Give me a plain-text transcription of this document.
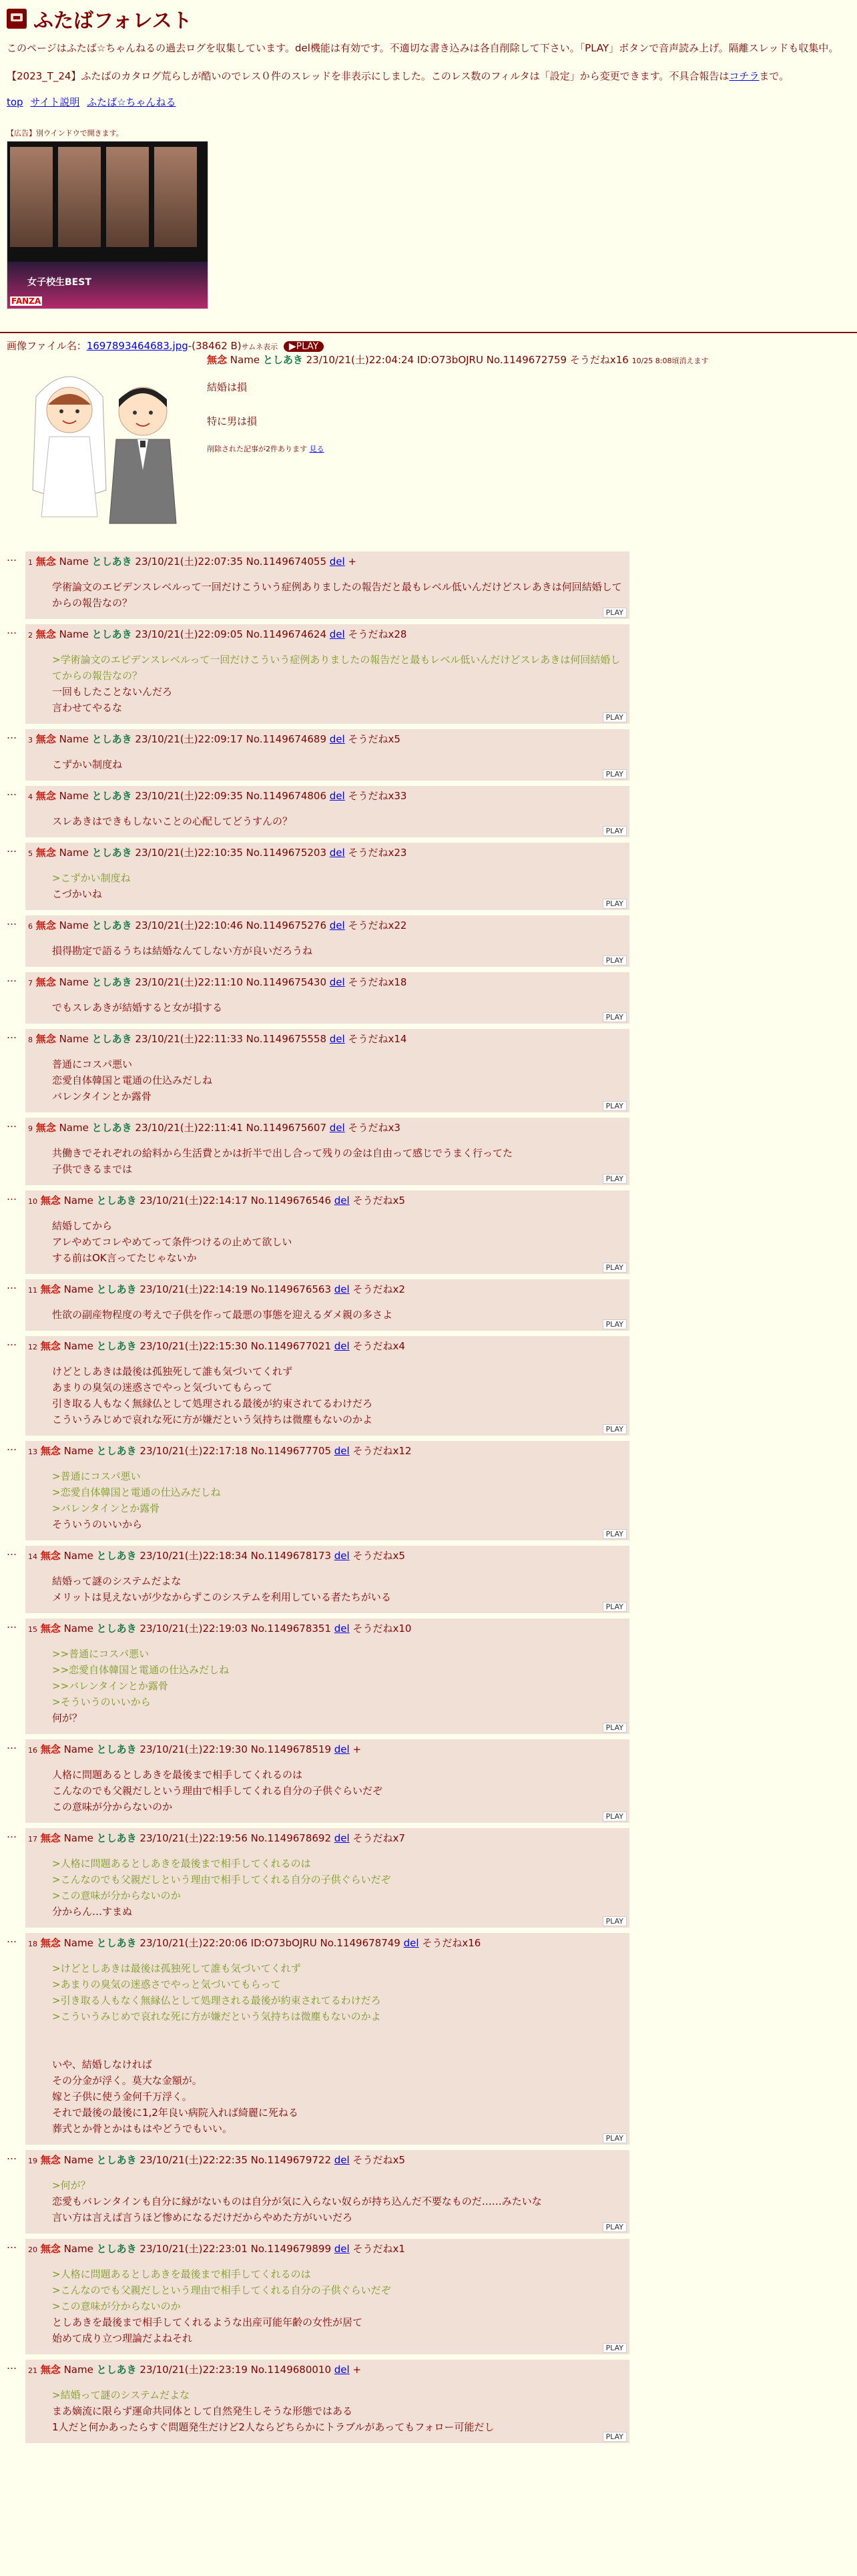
ふたばフォレスト

このページはふたば☆ちゃんねるの過去ログを収集しています。del機能は有効です。不適切な書き込みは各自削除して下さい。「PLAY」ボタンで音声読み上げ。隔離スレッドも収集中。

【2023_T_24】ふたばのカタログ荒らしが酷いのでレス０件のスレッドを非表示にしました。このレス数のフィルタは「設定」から変更できます。不具合報告はコチラまで。

top サイト説明 ふたば☆ちゃんねる
【広告】別ウインドウで開きます。
女子校生BEST
FANZA
画像ファイル名：1697893464683.jpg-(38462 B)サムネ表示 ▶PLAY
無念 Name としあき 23/10/21(土)22:04:24 ID:O73bOJRU No.1149672759 そうだねx16 10/25 8:08頃消えます
結婚は損
特に男は損
削除された記事が2件あります 見る
…	1 無念 Name としあき 23/10/21(土)22:07:35 No.1149674055 del +
学術論文のエビデンスレベルって一回だけこういう症例ありましたの報告だと最もレベル低いんだけどスレあきは何回結婚してからの報告なの？
PLAY
…	2 無念 Name としあき 23/10/21(土)22:09:05 No.1149674624 del そうだねx28
>学術論文のエビデンスレベルって一回だけこういう症例ありましたの報告だと最もレベル低いんだけどスレあきは何回結婚してからの報告なの？
一回もしたことないんだろ
言わせてやるな
PLAY
…	3 無念 Name としあき 23/10/21(土)22:09:17 No.1149674689 del そうだねx5
こずかい制度ね
PLAY
…	4 無念 Name としあき 23/10/21(土)22:09:35 No.1149674806 del そうだねx33
スレあきはできもしないことの心配してどうすんの？
PLAY
…	5 無念 Name としあき 23/10/21(土)22:10:35 No.1149675203 del そうだねx23
>こずかい制度ね
こづかいね
PLAY
…	6 無念 Name としあき 23/10/21(土)22:10:46 No.1149675276 del そうだねx22
損得勘定で語るうちは結婚なんてしない方が良いだろうね
PLAY
…	7 無念 Name としあき 23/10/21(土)22:11:10 No.1149675430 del そうだねx18
でもスレあきが結婚すると女が損する
PLAY
…	8 無念 Name としあき 23/10/21(土)22:11:33 No.1149675558 del そうだねx14
普通にコスパ悪い
恋愛自体韓国と電通の仕込みだしね
バレンタインとか露骨
PLAY
…	9 無念 Name としあき 23/10/21(土)22:11:41 No.1149675607 del そうだねx3
共働きでそれぞれの給料から生活費とかは折半で出し合って残りの金は自由って感じでうまく行ってた
子供できるまでは
PLAY
…	10 無念 Name としあき 23/10/21(土)22:14:17 No.1149676546 del そうだねx5
結婚してから
アレやめてコレやめてって条件つけるの止めて欲しい
する前はOK言ってたじゃないか
PLAY
…	11 無念 Name としあき 23/10/21(土)22:14:19 No.1149676563 del そうだねx2
性欲の副産物程度の考えで子供を作って最悪の事態を迎えるダメ親の多さよ
PLAY
…	12 無念 Name としあき 23/10/21(土)22:15:30 No.1149677021 del そうだねx4
けどとしあきは最後は孤独死して誰も気づいてくれず
あまりの臭気の迷惑さでやっと気づいてもらって
引き取る人もなく無縁仏として処理される最後が約束されてるわけだろ
こういうみじめで哀れな死に方が嫌だという気持ちは微塵もないのかよ
PLAY
…	13 無念 Name としあき 23/10/21(土)22:17:18 No.1149677705 del そうだねx12
>普通にコスパ悪い
>恋愛自体韓国と電通の仕込みだしね
>バレンタインとか露骨
そういうのいいから
PLAY
…	14 無念 Name としあき 23/10/21(土)22:18:34 No.1149678173 del そうだねx5
結婚って謎のシステムだよな
メリットは見えないが少なからずこのシステムを利用している者たちがいる
PLAY
…	15 無念 Name としあき 23/10/21(土)22:19:03 No.1149678351 del そうだねx10
>>普通にコスパ悪い
>>恋愛自体韓国と電通の仕込みだしね
>>バレンタインとか露骨
>そういうのいいから
何が？
PLAY
…	16 無念 Name としあき 23/10/21(土)22:19:30 No.1149678519 del +
人格に問題あるとしあきを最後まで相手してくれるのは
こんなのでも父親だしという理由で相手してくれる自分の子供ぐらいだぞ
この意味が分からないのか
PLAY
…	17 無念 Name としあき 23/10/21(土)22:19:56 No.1149678692 del そうだねx7
>人格に問題あるとしあきを最後まで相手してくれるのは
>こんなのでも父親だしという理由で相手してくれる自分の子供ぐらいだぞ
>この意味が分からないのか
分からん…すまぬ
PLAY
…	18 無念 Name としあき 23/10/21(土)22:20:06 ID:O73bOJRU No.1149678749 del そうだねx16
>けどとしあきは最後は孤独死して誰も気づいてくれず
>あまりの臭気の迷惑さでやっと気づいてもらって
>引き取る人もなく無縁仏として処理される最後が約束されてるわけだろ
>こういうみじめで哀れな死に方が嫌だという気持ちは微塵もないのかよ
いや、結婚しなければ
その分金が浮く。莫大な金額が。
嫁と子供に使う金何千万浮く。
それで最後の最後に1,2年良い病院入れば綺麗に死ねる
葬式とか骨とかはもはやどうでもいい。
PLAY
…	19 無念 Name としあき 23/10/21(土)22:22:35 No.1149679722 del そうだねx5
>何が？
恋愛もバレンタインも自分に縁がないものは自分が気に入らない奴らが持ち込んだ不要なものだ……みたいな
言い方は言えば言うほど惨めになるだけだからやめた方がいいだろ
PLAY
…	20 無念 Name としあき 23/10/21(土)22:23:01 No.1149679899 del そうだねx1
>人格に問題あるとしあきを最後まで相手してくれるのは
>こんなのでも父親だしという理由で相手してくれる自分の子供ぐらいだぞ
>この意味が分からないのか
としあきを最後まで相手してくれるような出産可能年齢の女性が居て
始めて成り立つ理論だよねそれ
PLAY
…	21 無念 Name としあき 23/10/21(土)22:23:19 No.1149680010 del +
>結婚って謎のシステムだよな
まあ嫡流に限らず運命共同体として自然発生しそうな形態ではある
1人だと何かあったらすぐ問題発生だけど2人ならどちらかにトラブルがあってもフォロー可能だし
PLAY
